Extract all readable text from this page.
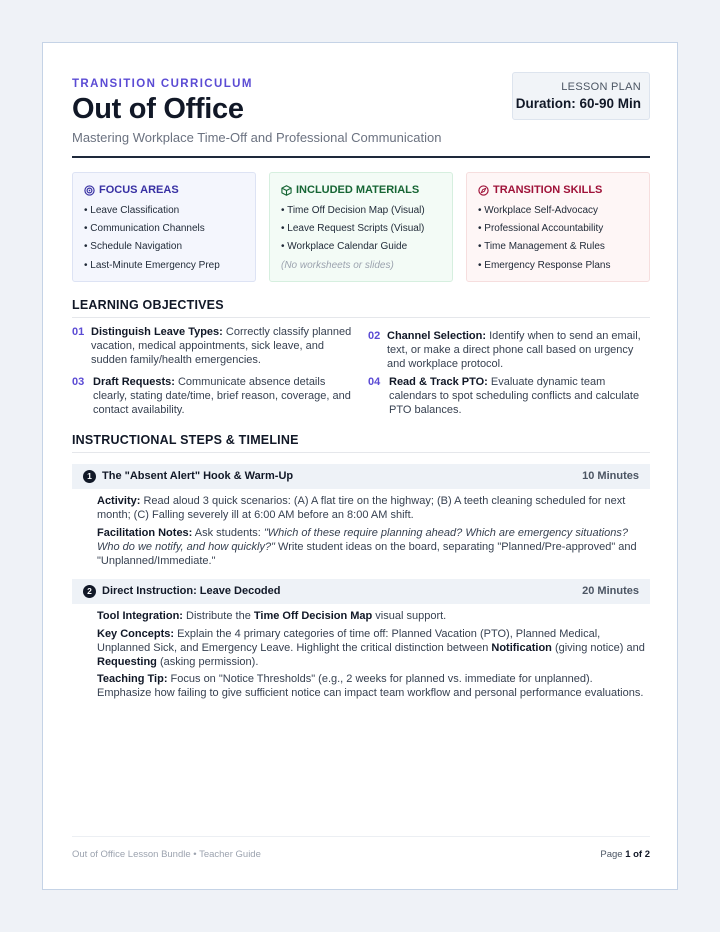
TRANSITION CURRICULUM
Out of Office
Mastering Workplace Time-Off and Professional Communication
LESSON PLAN
Duration: 60-90 Min
FOCUS AREAS
• Leave Classification
• Communication Channels
• Schedule Navigation
• Last-Minute Emergency Prep
INCLUDED MATERIALS
• Time Off Decision Map (Visual)
• Leave Request Scripts (Visual)
• Workplace Calendar Guide
(No worksheets or slides)
TRANSITION SKILLS
• Workplace Self-Advocacy
• Professional Accountability
• Time Management & Rules
• Emergency Response Plans
LEARNING OBJECTIVES
01 Distinguish Leave Types: Correctly classify planned vacation, medical appointments, sick leave, and sudden family/health emergencies.
02 Channel Selection: Identify when to send an email, text, or make a direct phone call based on urgency and workplace protocol.
03 Draft Requests: Communicate absence details clearly, stating date/time, brief reason, coverage, and contact availability.
04 Read & Track PTO: Evaluate dynamic team calendars to spot scheduling conflicts and calculate PTO balances.
INSTRUCTIONAL STEPS & TIMELINE
1 The "Absent Alert" Hook & Warm-Up	10 Minutes
Activity: Read aloud 3 quick scenarios: (A) A flat tire on the highway; (B) A teeth cleaning scheduled for next month; (C) Falling severely ill at 6:00 AM before an 8:00 AM shift.
Facilitation Notes: Ask students: "Which of these require planning ahead? Which are emergency situations? Who do we notify, and how quickly?" Write student ideas on the board, separating "Planned/Pre-approved" and "Unplanned/Immediate."
2 Direct Instruction: Leave Decoded	20 Minutes
Tool Integration: Distribute the Time Off Decision Map visual support.
Key Concepts: Explain the 4 primary categories of time off: Planned Vacation (PTO), Planned Medical, Unplanned Sick, and Emergency Leave. Highlight the critical distinction between Notification (giving notice) and Requesting (asking permission).
Teaching Tip: Focus on "Notice Thresholds" (e.g., 2 weeks for planned vs. immediate for unplanned). Emphasize how failing to give sufficient notice can impact team workflow and personal performance evaluations.
Out of Office Lesson Bundle • Teacher Guide	Page 1 of 2
